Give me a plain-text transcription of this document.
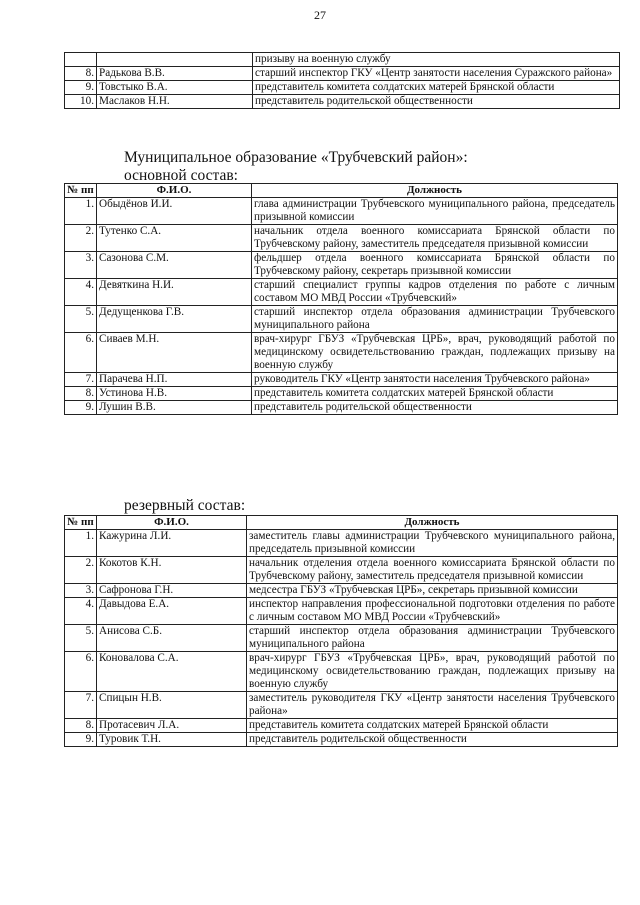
27
		призыву на военную службу
8.	Радькова В.В.	старший инспектор ГКУ «Центр занятости населения Суражского района»
9.	Товстыко В.А.	представитель комитета солдатских матерей Брянской области
10.	Маслаков Н.Н.	представитель родительской общественности
Муниципальное образование «Трубчевский район»:
основной состав:
№ пп	Ф.И.О.	Должность
1.	Обыдёнов И.И.	глава администрации Трубчевского муниципального района, председатель призывной комиссии
2.	Тутенко С.А.	начальник отдела военного комиссариата Брянской области по Трубчевскому району, заместитель председателя призывной комиссии
3.	Сазонова С.М.	фельдшер отдела военного комиссариата Брянской области по Трубчевскому району, секретарь призывной комиссии
4.	Девяткина Н.И.	старший специалист группы кадров отделения по работе с личным составом МО МВД России «Трубчевский»
5.	Дедущенкова Г.В.	старший инспектор отдела образования администрации Трубчевского муниципального района
6.	Сиваев М.Н.	врач-хирург ГБУЗ «Трубчевская ЦРБ», врач, руководящий работой по медицинскому освидетельствованию граждан, подлежащих призыву на военную службу
7.	Парачева Н.П.	руководитель ГКУ «Центр занятости населения Трубчевского района»
8.	Устинова Н.В.	представитель комитета солдатских матерей Брянской области
9.	Лушин В.В.	представитель родительской общественности
резервный состав:
№ пп	Ф.И.О.	Должность
1.	Кажурина Л.И.	заместитель главы администрации Трубчевского муниципального района, председатель призывной комиссии
2.	Кокотов К.Н.	начальник отделения отдела военного комиссариата Брянской области по Трубчевскому району, заместитель председателя призывной комиссии
3.	Сафронова Г.Н.	медсестра ГБУЗ «Трубчевская ЦРБ», секретарь призывной комиссии
4.	Давыдова Е.А.	инспектор направления профессиональной подготовки отделения по работе с личным составом МО МВД России «Трубчевский»
5.	Анисова С.Б.	старший инспектор отдела образования администрации Трубчевского муниципального района
6.	Коновалова С.А.	врач-хирург ГБУЗ «Трубчевская ЦРБ», врач, руководящий работой по медицинскому освидетельствованию граждан, подлежащих призыву на военную службу
7.	Спицын Н.В.	заместитель руководителя ГКУ «Центр занятости населения Трубчевского района»
8.	Протасевич Л.А.	представитель комитета солдатских матерей Брянской области
9.	Туровик Т.Н.	представитель родительской общественности
